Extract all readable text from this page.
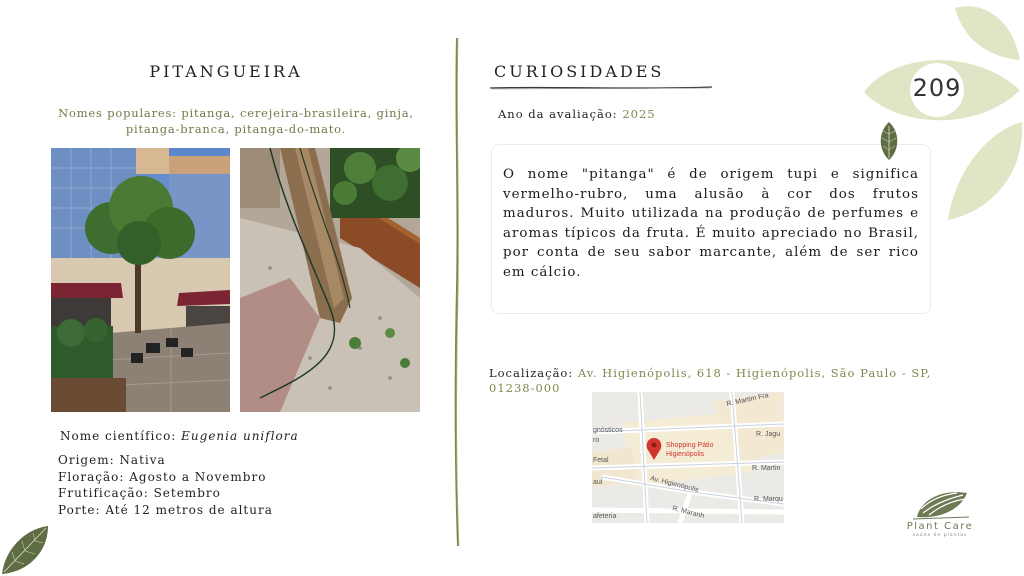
PITANGUEIRA
Nomes populares: pitanga, cerejeira-brasileira, ginja, pitanga-branca, pitanga-do-mato.
Nome científico: Eugenia uniflora
Origem: Nativa
Floração: Agosto a Novembro
Frutificação: Setembro
Porte: Até 12 metros de altura
CURIOSIDADES
Ano da avaliação: 2025
O nome "pitanga" é de origem tupi e significa vermelho-rubro, uma alusão à cor dos frutos maduros. Muito utilizada na produção de perfumes e aromas típicos da fruta. É muito apreciado no Brasil, por conta de seu sabor marcante, além de ser rico em cálcio.
Localização: Av. Higienópolis, 618 - Higienópolis, São Paulo - SP, 01238-000
gnósticos
ro
Fetal
auí
afeteria
R. Martim Fra
R. Jagu
R. Martin
R. Marqu
Av. Higienópolis
R. Maranh
Shopping Pátio
Higienópolis
209
Plant Care
saúde de plantas
